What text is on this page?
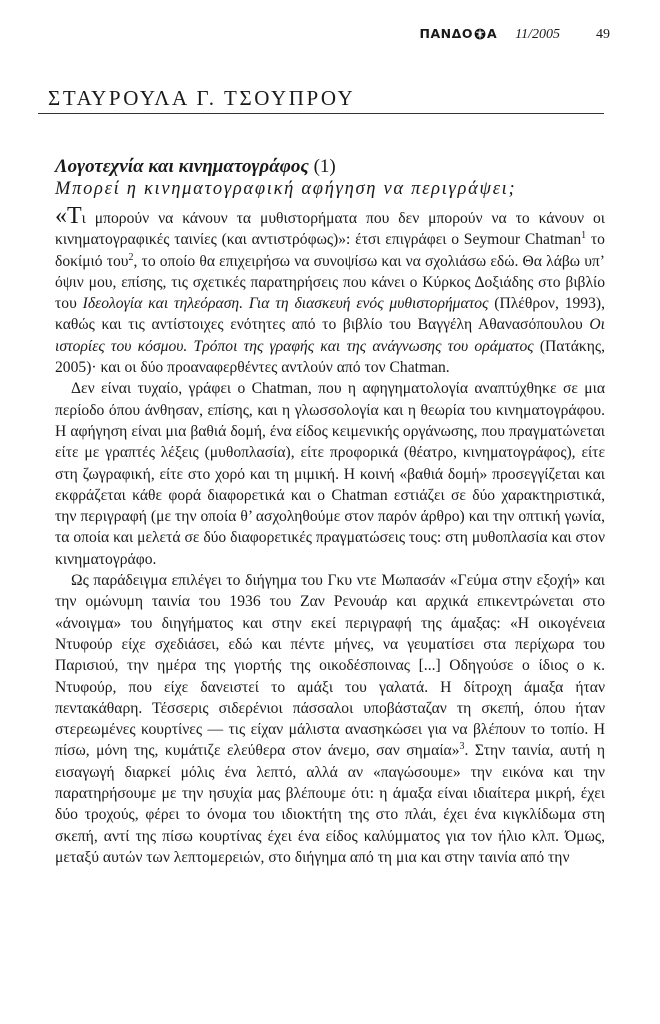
ΠΑΝΔΟ Α 11/2005	49
ΣΤΑΥΡΟΥΛΑ Γ. ΤΣΟΥΠΡΟΥ
Λογοτεχνία και κινηματογράφος (1)
Μπορεί η κινηματογραφική αφήγηση να περιγράψει;

«Τι μπορούν να κάνουν τα μυθιστορήματα που δεν μπορούν να το κάνουν οι κινηματογραφικές ταινίες (και αντιστρόφως)»: έτσι επιγράφει ο Seymour Chatman$^1$ το δοκίμιό του$^2$, το οποίο θα επιχειρήσω να συνοψίσω και να σχολιάσω εδώ. Θα λάβω υπ’ όψιν μου, επίσης, τις σχετικές παρατηρήσεις που κάνει ο Κύρκος Δοξιάδης στο βιβλίο του Ιδεολογία και τηλεόραση. Για τη διασκευή ενός μυθιστορήματος (Πλέθρον, 1993), καθώς και τις αντίστοιχες ενότητες από το βιβλίο του Βαγγέλη Αθανασόπουλου Οι ιστορίες του κόσμου. Τρόποι της γραφής και της ανάγνωσης του οράματος (Πατάκης, 2005)· και οι δύο προαναφερθέντες αντλούν από τον Chatman.

Δεν είναι τυχαίο, γράφει ο Chatman, που η αφηγηματολογία αναπτύχθηκε σε μια περίοδο όπου άνθησαν, επίσης, και η γλωσσολογία και η θεωρία του κινηματογράφου. Η αφήγηση είναι μια βαθιά δομή, ένα είδος κειμενικής οργάνωσης, που πραγματώνεται είτε με γραπτές λέξεις (μυθοπλασία), είτε προφορικά (θέατρο, κινηματογράφος), είτε στη ζωγραφική, είτε στο χορό και τη μιμική. Η κοινή «βαθιά δομή» προσεγγίζεται και εκφράζεται κάθε φορά διαφορετικά και ο Chatman εστιάζει σε δύο χαρακτηριστικά, την περιγραφή (με την οποία θ’ ασχοληθούμε στον παρόν άρθρο) και την οπτική γωνία, τα οποία και μελετά σε δύο διαφορετικές πραγματώσεις τους: στη μυθοπλασία και στον κινηματογράφο.

Ως παράδειγμα επιλέγει το διήγημα του Γκυ ντε Μωπασάν «Γεύμα στην εξοχή» και την ομώνυμη ταινία του 1936 του Ζαν Ρενουάρ και αρχικά επικεντρώνεται στο «άνοιγμα» του διηγήματος και στην εκεί περιγραφή της άμαξας: «Η οικογένεια Ντυφούρ είχε σχεδιάσει, εδώ και πέντε μήνες, να γευματίσει στα περίχωρα του Παρισιού, την ημέρα της γιορτής της οικοδέσποινας [...] Οδηγούσε ο ίδιος ο κ. Ντυφούρ, που είχε δανειστεί το αμάξι του γαλατά. Η δίτροχη άμαξα ήταν πεντακάθαρη. Τέσσερις σιδερένιοι πάσσαλοι υποβάσταζαν τη σκεπή, όπου ήταν στερεωμένες κουρτίνες — τις είχαν μάλιστα ανασηκώσει για να βλέπουν το τοπίο. Η πίσω, μόνη της, κυμάτιζε ελεύθερα στον άνεμο, σαν σημαία»$^3$. Στην ταινία, αυτή η εισαγωγή διαρκεί μόλις ένα λεπτό, αλλά αν «παγώσουμε» την εικόνα και την παρατηρήσουμε με την ησυχία μας βλέπουμε ότι: η άμαξα είναι ιδιαίτερα μικρή, έχει δύο τροχούς, φέρει το όνομα του ιδιοκτήτη της στο πλάι, έχει ένα κιγκλίδωμα στη σκεπή, αντί της πίσω κουρτίνας έχει ένα είδος καλύμματος για τον ήλιο κλπ. Όμως, μεταξύ αυτών των λεπτομερειών, στο διήγημα από τη μια και στην ταινία από την
